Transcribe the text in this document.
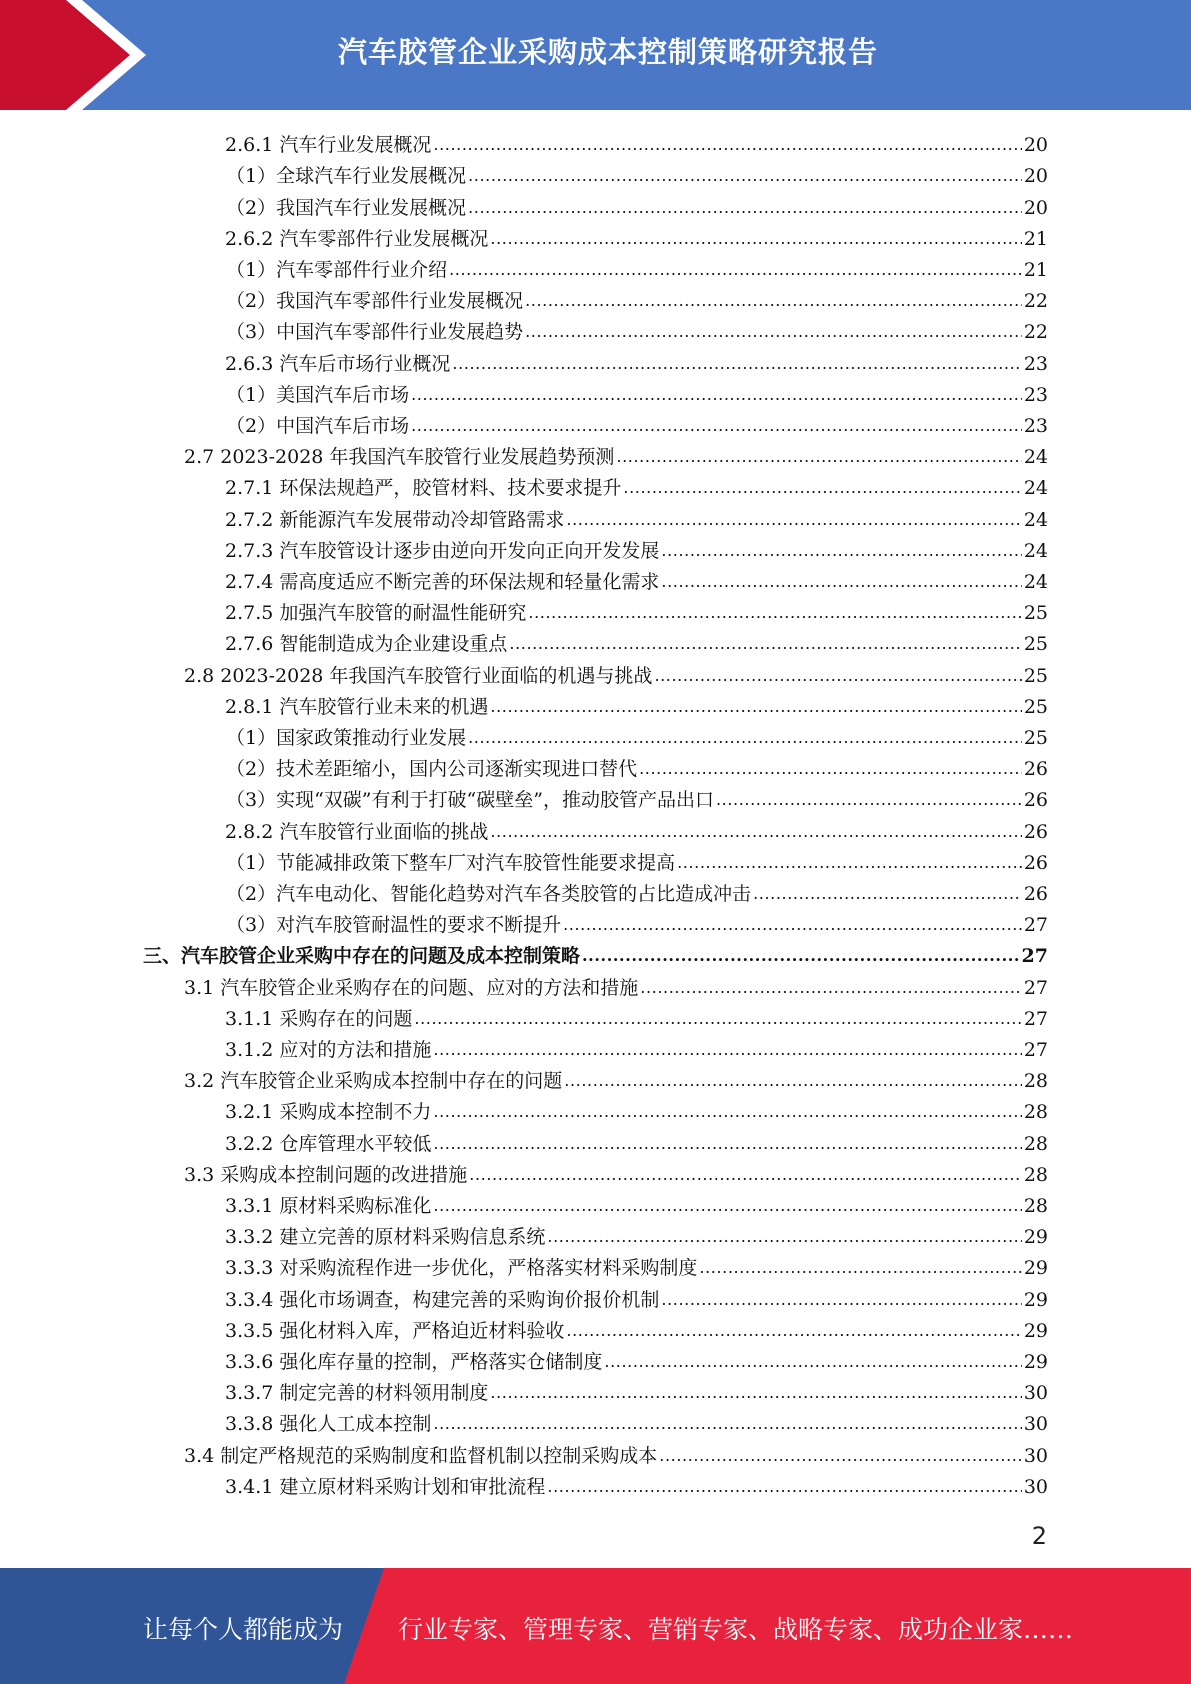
汽车胶管企业采购成本控制策略研究报告
2.6.1 汽车行业发展概况 .....	20
（1）全球汽车行业发展概况 .....	20
（2）我国汽车行业发展概况 .....	20
2.6.2 汽车零部件行业发展概况 .....	21
（1）汽车零部件行业介绍 .....	21
（2）我国汽车零部件行业发展概况 .....	22
（3）中国汽车零部件行业发展趋势 .....	22
2.6.3 汽车后市场行业概况 .....	23
（1）美国汽车后市场 .....	23
（2）中国汽车后市场 .....	23
2.7 2023-2028 年我国汽车胶管行业发展趋势预测 .....	24
2.7.1 环保法规趋严，胶管材料、技术要求提升 .....	24
2.7.2 新能源汽车发展带动冷却管路需求 .....	24
2.7.3 汽车胶管设计逐步由逆向开发向正向开发发展 .....	24
2.7.4 需高度适应不断完善的环保法规和轻量化需求 .....	24
2.7.5 加强汽车胶管的耐温性能研究 .....	25
2.7.6 智能制造成为企业建设重点 .....	25
2.8 2023-2028 年我国汽车胶管行业面临的机遇与挑战 .....	25
2.8.1 汽车胶管行业未来的机遇 .....	25
（1）国家政策推动行业发展 .....	25
（2）技术差距缩小，国内公司逐渐实现进口替代 .....	26
（3）实现“双碳”有利于打破“碳壁垒”，推动胶管产品出口 .....	26
2.8.2 汽车胶管行业面临的挑战 .....	26
（1）节能减排政策下整车厂对汽车胶管性能要求提高 .....	26
（2）汽车电动化、智能化趋势对汽车各类胶管的占比造成冲击 .....	26
（3）对汽车胶管耐温性的要求不断提升 .....	27
三、汽车胶管企业采购中存在的问题及成本控制策略 .....	27
3.1 汽车胶管企业采购存在的问题、应对的方法和措施 .....	27
3.1.1 采购存在的问题 .....	27
3.1.2 应对的方法和措施 .....	27
3.2 汽车胶管企业采购成本控制中存在的问题 .....	28
3.2.1 采购成本控制不力 .....	28
3.2.2 仓库管理水平较低 .....	28
3.3 采购成本控制问题的改进措施 .....	28
3.3.1 原材料采购标准化 .....	28
3.3.2 建立完善的原材料采购信息系统 .....	29
3.3.3 对采购流程作进一步优化，严格落实材料采购制度 .....	29
3.3.4 强化市场调查，构建完善的采购询价报价机制 .....	29
3.3.5 强化材料入库，严格迫近材料验收 .....	29
3.3.6 强化库存量的控制，严格落实仓储制度 .....	29
3.3.7 制定完善的材料领用制度 .....	30
3.3.8 强化人工成本控制 .....	30
3.4 制定严格规范的采购制度和监督机制以控制采购成本 .....	30
3.4.1 建立原材料采购计划和审批流程 .....	30
2
让每个人都能成为 行业专家、管理专家、营销专家、战略专家、成功企业家……
